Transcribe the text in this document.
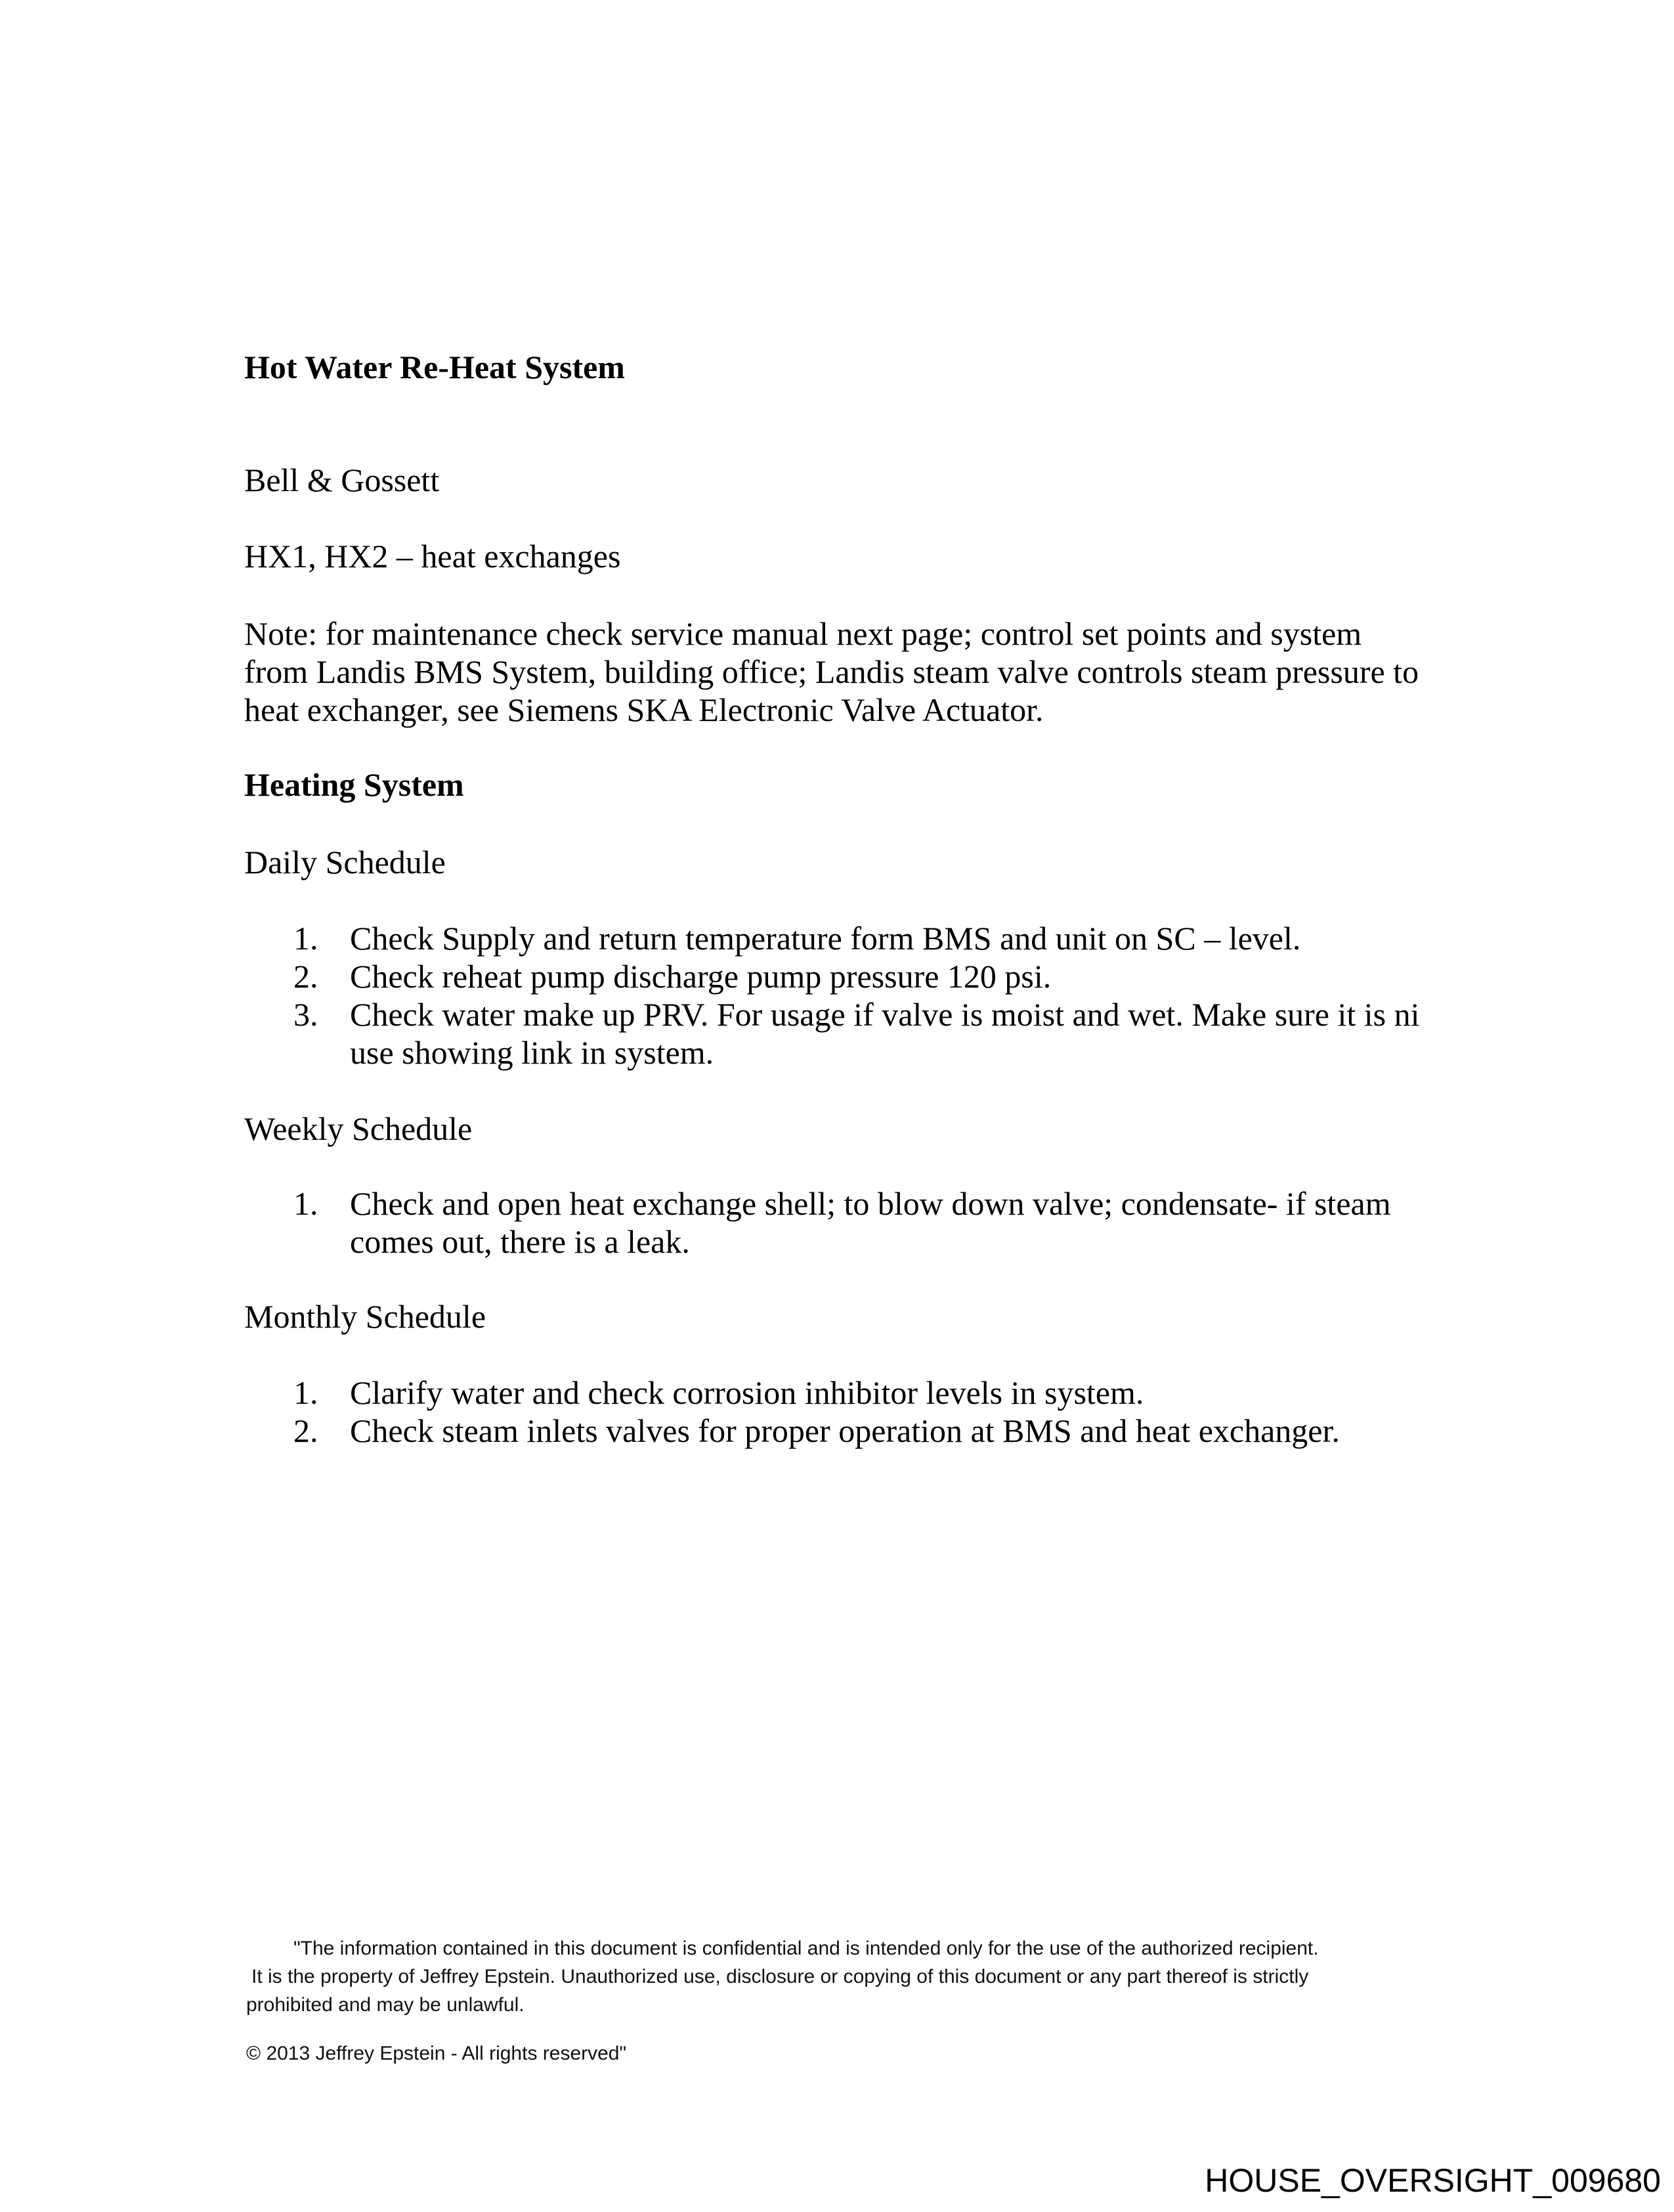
Hot Water Re-Heat System
Bell & Gossett
HX1, HX2 – heat exchanges
Note: for maintenance check service manual next page; control set points and system
from Landis BMS System, building office; Landis steam valve controls steam pressure to
heat exchanger, see Siemens SKA Electronic Valve Actuator.
Heating System
Daily Schedule
1. Check Supply and return temperature form BMS and unit on SC – level.
2. Check reheat pump discharge pump pressure 120 psi.
3. Check water make up PRV. For usage if valve is moist and wet. Make sure it is ni
use showing link in system.
Weekly Schedule
1. Check and open heat exchange shell; to blow down valve; condensate- if steam
comes out, there is a leak.
Monthly Schedule
1. Clarify water and check corrosion inhibitor levels in system.
2. Check steam inlets valves for proper operation at BMS and heat exchanger.
"The information contained in this document is confidential and is intended only for the use of the authorized recipient.
It is the property of Jeffrey Epstein. Unauthorized use, disclosure or copying of this document or any part thereof is strictly
prohibited and may be unlawful.
© 2013 Jeffrey Epstein - All rights reserved"
HOUSE_OVERSIGHT_009680
